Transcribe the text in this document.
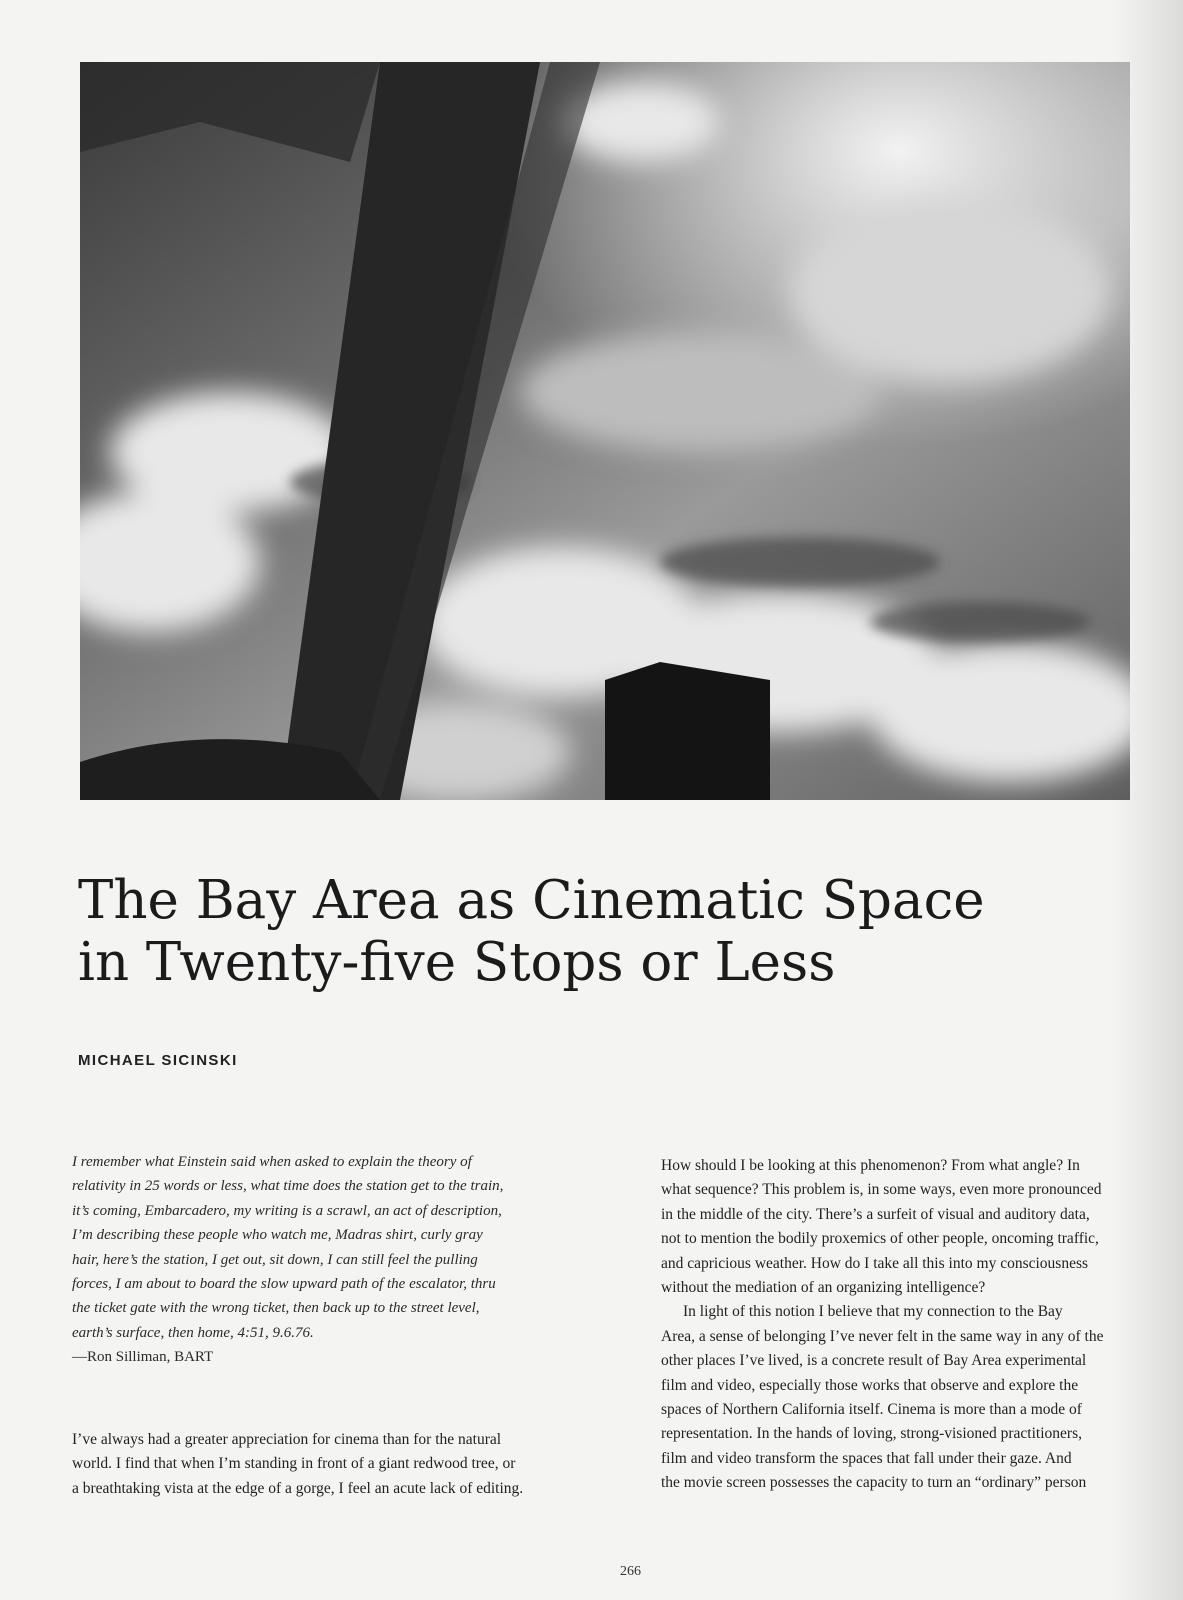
The Bay Area as Cinematic Space
in Twenty-five Stops or Less
MICHAEL SICINSKI
I remember what Einstein said when asked to explain the theory of
relativity in 25 words or less, what time does the station get to the train,
it’s coming, Embarcadero, my writing is a scrawl, an act of description,
I’m describing these people who watch me, Madras shirt, curly gray
hair, here’s the station, I get out, sit down, I can still feel the pulling
forces, I am about to board the slow upward path of the escalator, thru
the ticket gate with the wrong ticket, then back up to the street level,
earth’s surface, then home, 4:51, 9.6.76.
—Ron Silliman, BART
I’ve always had a greater appreciation for cinema than for the natural
world. I find that when I’m standing in front of a giant redwood tree, or
a breathtaking vista at the edge of a gorge, I feel an acute lack of editing.
How should I be looking at this phenomenon? From what angle? In
what sequence? This problem is, in some ways, even more pronounced
in the middle of the city. There’s a surfeit of visual and auditory data,
not to mention the bodily proxemics of other people, oncoming traffic,
and capricious weather. How do I take all this into my consciousness
without the mediation of an organizing intelligence?
In light of this notion I believe that my connection to the Bay
Area, a sense of belonging I’ve never felt in the same way in any of the
other places I’ve lived, is a concrete result of Bay Area experimental
film and video, especially those works that observe and explore the
spaces of Northern California itself. Cinema is more than a mode of
representation. In the hands of loving, strong-visioned practitioners,
film and video transform the spaces that fall under their gaze. And
the movie screen possesses the capacity to turn an “ordinary” person
266
